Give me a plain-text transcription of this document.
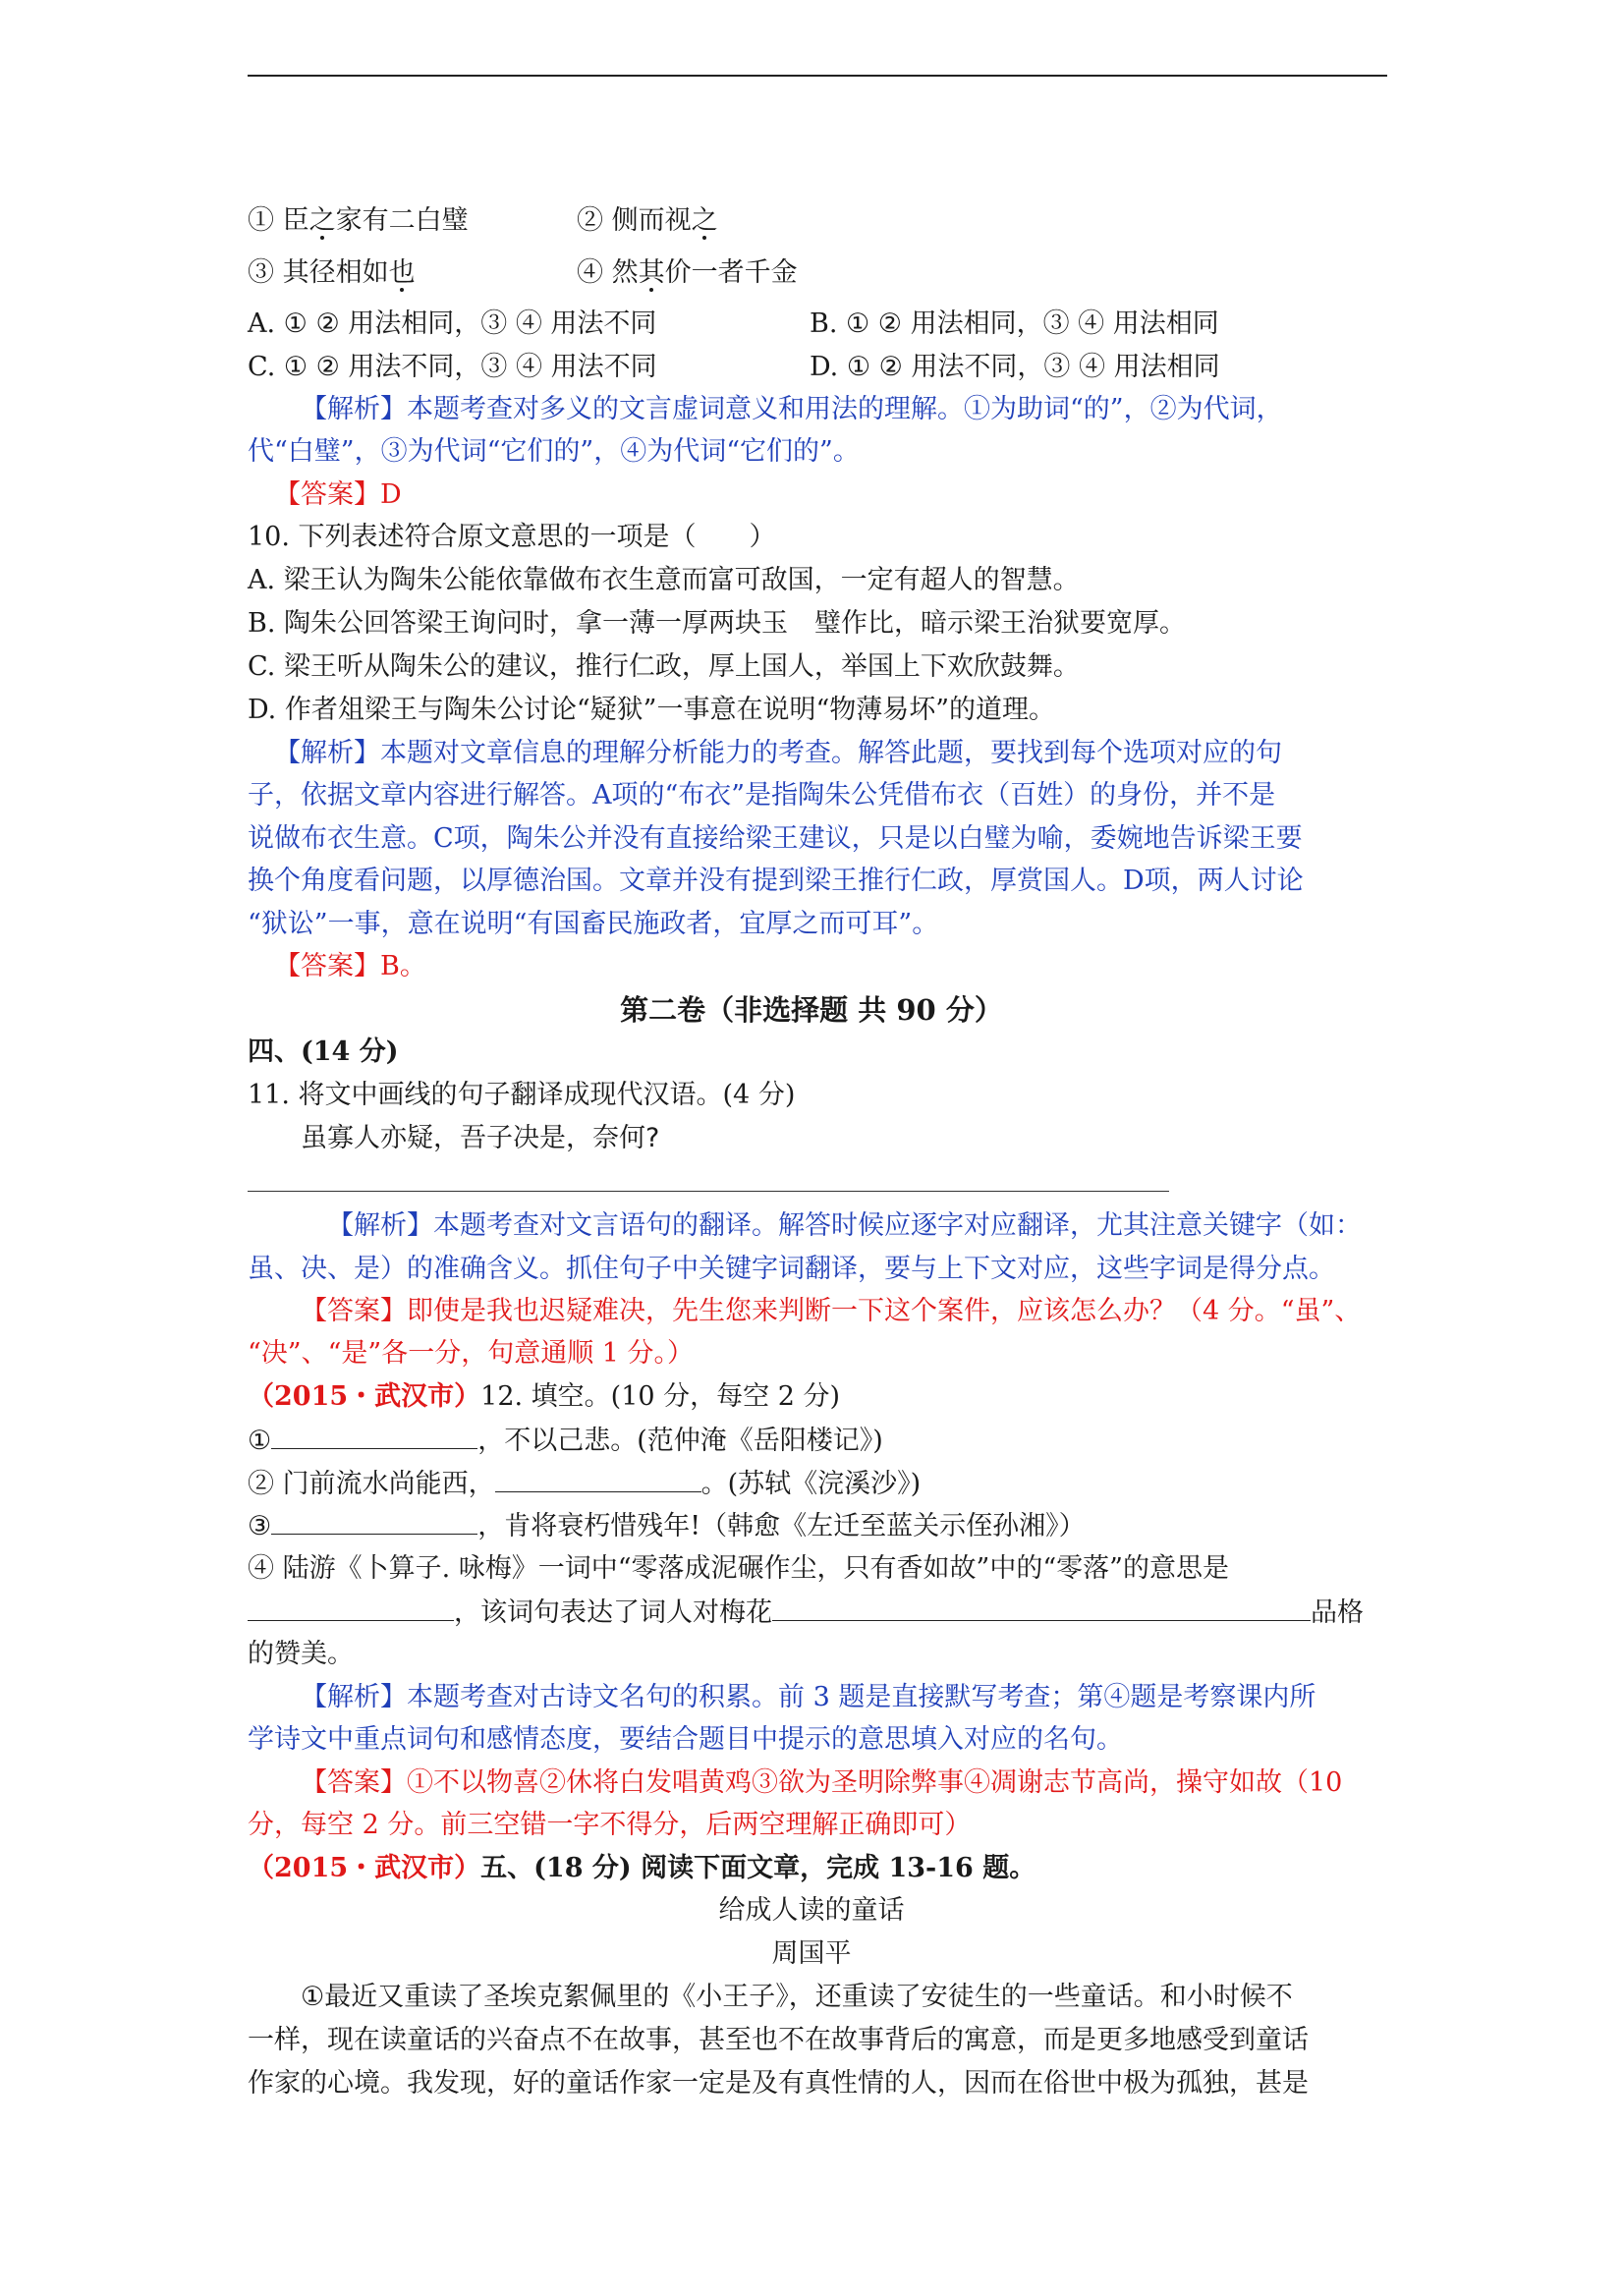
① 臣之家有二白璧	② 侧而视之
③ 其径相如也	④ 然其价一者千金
A. ① ② 用法相同，③ ④ 用法不同	B. ① ② 用法相同，③ ④ 用法相同
C. ① ② 用法不同，③ ④ 用法不同	D. ① ② 用法不同，③ ④ 用法相同
【解析】本题考查对多义的文言虚词意义和用法的理解。①为助词“的”，②为代词，
代“白璧”，③为代词“它们的”，④为代词“它们的”。
【答案】D
10. 下列表述符合原文意思的一项是（　　）
A. 梁王认为陶朱公能依靠做布衣生意而富可敌国，一定有超人的智慧。
B. 陶朱公回答梁王询问时，拿一薄一厚两块玉　璧作比，暗示梁王治狱要宽厚。
C. 梁王听从陶朱公的建议，推行仁政，厚上国人，举国上下欢欣鼓舞。
D. 作者俎梁王与陶朱公讨论“疑狱”一事意在说明“物薄易坏”的道理。
【解析】本题对文章信息的理解分析能力的考查。解答此题，要找到每个选项对应的句
子，依据文章内容进行解答。A项的“布衣”是指陶朱公凭借布衣（百姓）的身份，并不是
说做布衣生意。C项，陶朱公并没有直接给梁王建议，只是以白璧为喻，委婉地告诉梁王要
换个角度看问题，以厚德治国。文章并没有提到梁王推行仁政，厚赏国人。D项，两人讨论
“狱讼”一事，意在说明“有国畜民施政者，宜厚之而可耳”。
【答案】B。
第二卷（非选择题 共 90 分）
四、(14 分)
11. 将文中画线的句子翻译成现代汉语。(4 分)
虽寡人亦疑，吾子决是，奈何?
【解析】本题考查对文言语句的翻译。解答时候应逐字对应翻译，尤其注意关键字（如：
虽、决、是）的准确含义。抓住句子中关键字词翻译，要与上下文对应，这些字词是得分点。
【答案】即使是我也迟疑难决，先生您来判断一下这个案件，应该怎么办？（4 分。“虽”、
“决”、“是”各一分，句意通顺 1 分。）
（2015・武汉市）12. 填空。(10 分，每空 2 分)
①	，不以己悲。(范仲淹《岳阳楼记》)
② 门前流水尚能西，	。(苏轼《浣溪沙》)
③	，肯将衰朽惜残年!（韩愈《左迁至蓝关示侄孙湘》）
④ 陆游《卜算子. 咏梅》一词中“零落成泥碾作尘，只有香如故”中的“零落”的意思是
，该词句表达了词人对梅花	品格
的赞美。
【解析】本题考查对古诗文名句的积累。前 3 题是直接默写考查；第④题是考察课内所
学诗文中重点词句和感情态度，要结合题目中提示的意思填入对应的名句。
【答案】①不以物喜②休将白发唱黄鸡③欲为圣明除弊事④凋谢志节高尚，操守如故（10
分，每空 2 分。前三空错一字不得分，后两空理解正确即可）
（2015・武汉市）五、(18 分) 阅读下面文章，完成 13-16 题。
给成人读的童话
周国平
①最近又重读了圣埃克絮佩里的《小王子》，还重读了安徒生的一些童话。和小时候不
一样，现在读童话的兴奋点不在故事，甚至也不在故事背后的寓意，而是更多地感受到童话
作家的心境。我发现，好的童话作家一定是及有真性情的人，因而在俗世中极为孤独，甚是
